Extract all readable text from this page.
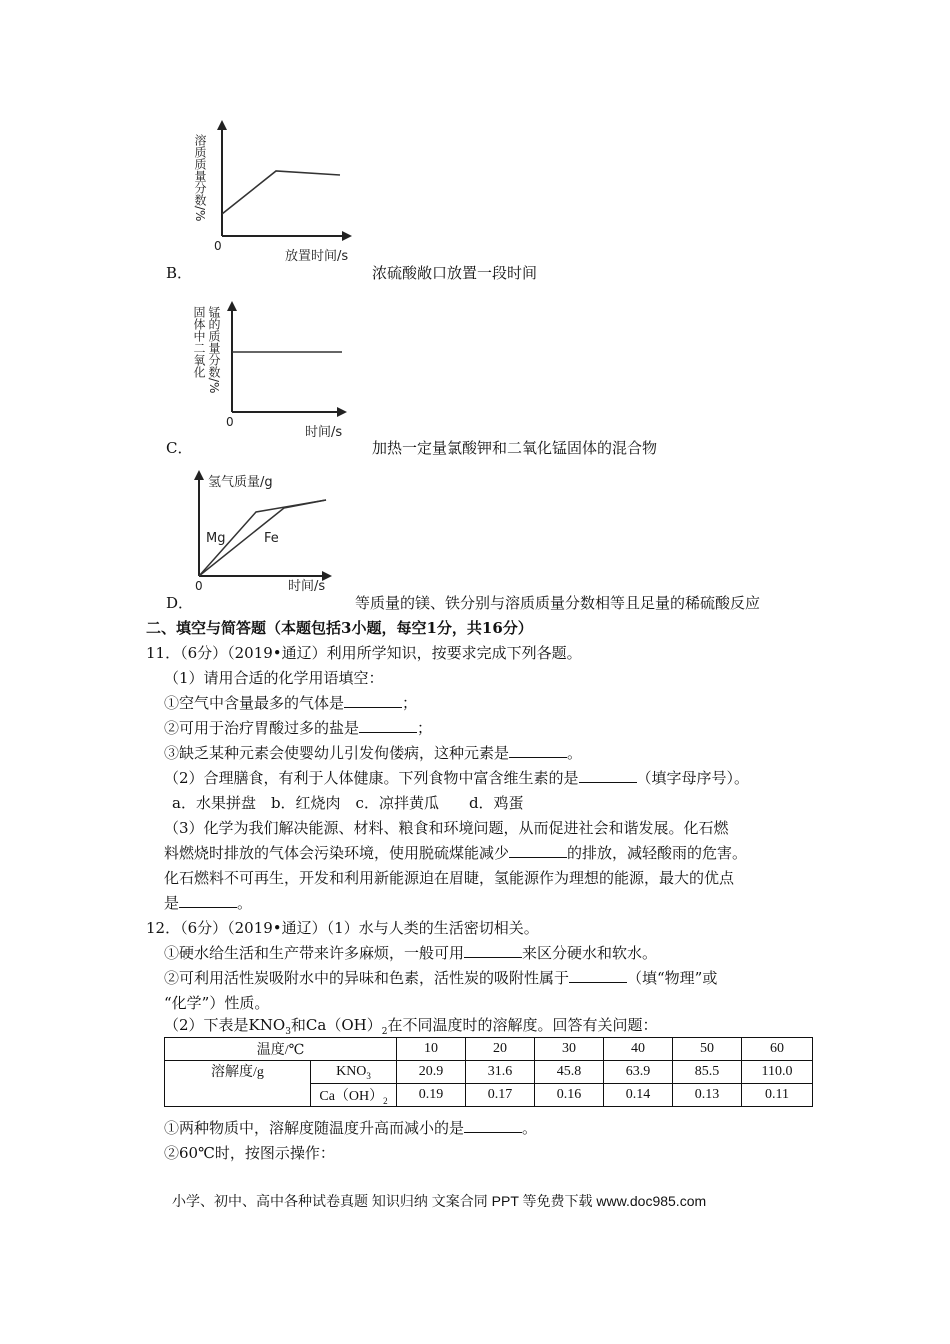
溶质质量分数/%
0
放置时间/s
B．	浓硫酸敞口放置一段时间
固体中二氧化 锰的质量分数/%
0
时间/s
C．	加热一定量氯酸钾和二氧化锰固体的混合物
氢气质量/g
Mg	Fe
0	时间/s
D．	等质量的镁、铁分别与溶质质量分数相等且足量的稀硫酸反应
二、填空与简答题（本题包括3小题，每空1分，共16分）
11．（6分）（2019•通辽）利用所学知识，按要求完成下列各题。
（1）请用合适的化学用语填空：
①空气中含量最多的气体是	；
②可用于治疗胃酸过多的盐是	；
③缺乏某种元素会使婴幼儿引发佝偻病，这种元素是	。
（2）合理膳食，有利于人体健康。下列食物中富含维生素的是	（填字母序号）。
a．水果拼盘　b．红烧肉　c．凉拌黄瓜　　d．鸡蛋
（3）化学为我们解决能源、材料、粮食和环境问题，从而促进社会和谐发展。化石燃
料燃烧时排放的气体会污染环境，使用脱硫煤能减少	的排放，减轻酸雨的危害。
化石燃料不可再生，开发和利用新能源迫在眉睫，氢能源作为理想的能源，最大的优点
是	。
12．（6分）（2019•通辽）（1）水与人类的生活密切相关。
①硬水给生活和生产带来许多麻烦，一般可用	来区分硬水和软水。
②可利用活性炭吸附水中的异味和色素，活性炭的吸附性属于	（填“物理”或
“化学”）性质。
（2）下表是$KNO_3$和$Ca(OH)_2$在不同温度时的溶解度。回答有关问题：
温度/℃		10	20	30	40	50	60
溶解度/g	$KNO_3$	20.9	31.6	45.8	63.9	85.5	110.0
	$Ca(OH)_2$	0.19	0.17	0.16	0.14	0.13	0.11
①两种物质中，溶解度随温度升高而减小的是	。
②60℃时，按图示操作：
小学、初中、高中各种试卷真题 知识归纳 文案合同 PPT 等免费下载 www.doc985.com
